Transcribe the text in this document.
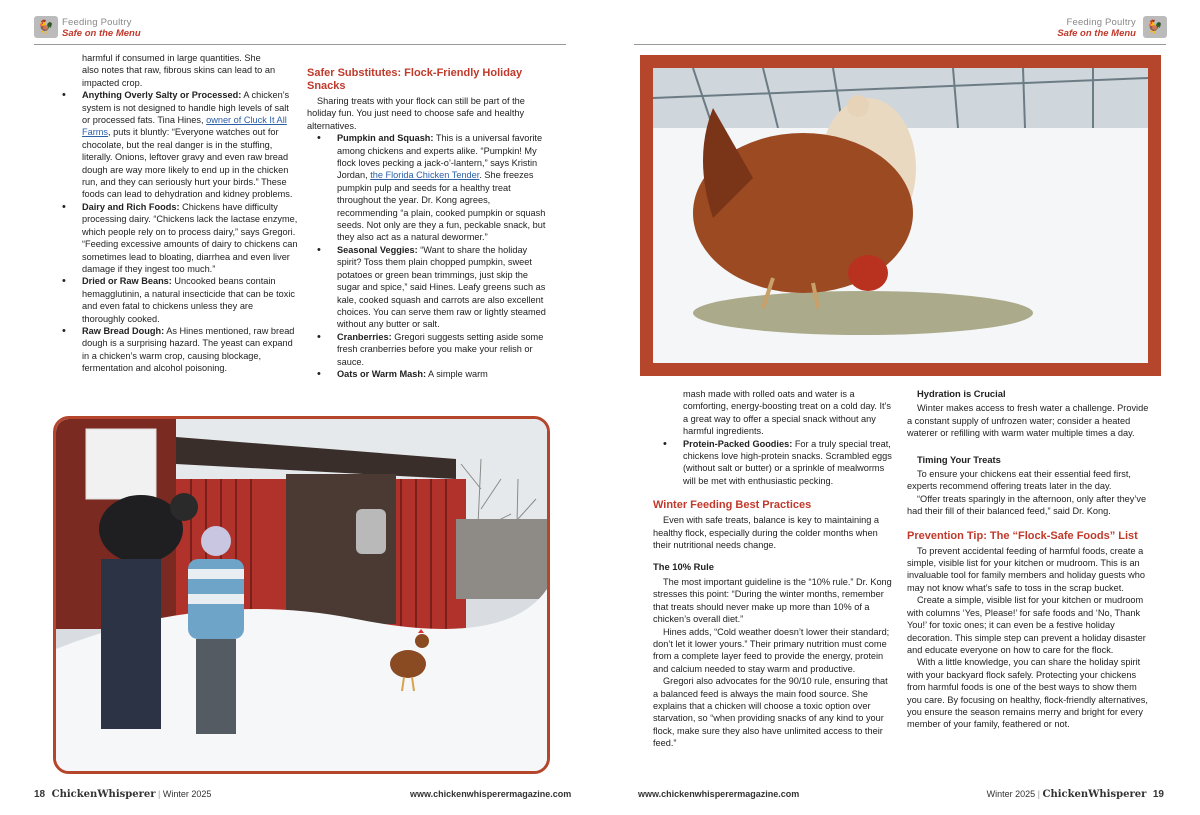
🐓 Feeding Poultry
Safe on the Menu
Feeding Poultry
Safe on the Menu 🐓
harmful if consumed in large quantities. She
also notes that raw, fibrous skins can lead to an
impacted crop.
• Anything Overly Salty or Processed: A chicken’s system is not designed to handle high levels of salt or processed fats. Tina Hines, owner of Cluck It All Farms, puts it bluntly: “Everyone watches out for chocolate, but the real danger is in the stuffing, literally. Onions, leftover gravy and even raw bread dough are way more likely to end up in the chicken run, and they can seriously hurt your birds.” These foods can lead to dehydration and kidney problems.
• Dairy and Rich Foods: Chickens have difficulty processing dairy. “Chickens lack the lactase enzyme, which people rely on to process dairy,” says Gregori. “Feeding excessive amounts of dairy to chickens can sometimes lead to bloating, diarrhea and even liver damage if they ingest too much.”
• Dried or Raw Beans: Uncooked beans contain hemagglutinin, a natural insecticide that can be toxic and even fatal to chickens unless they are thoroughly cooked.
• Raw Bread Dough: As Hines mentioned, raw bread dough is a surprising hazard. The yeast can expand in a chicken’s warm crop, causing blockage, fermentation and alcohol poisoning.
Safer Substitutes: Flock-Friendly Holiday Snacks

Sharing treats with your flock can still be part of the holiday fun. You just need to choose safe and healthy alternatives.

• Pumpkin and Squash: This is a universal favorite among chickens and experts alike. “Pumpkin! My flock loves pecking a jack-o’-lantern,” says Kristin Jordan, the Florida Chicken Tender. She freezes pumpkin pulp and seeds for a healthy treat throughout the year. Dr. Kong agrees, recommending “a plain, cooked pumpkin or squash seeds. Not only are they a fun, peckable snack, but they also act as a natural dewormer.”
• Seasonal Veggies: “Want to share the holiday spirit? Toss them plain chopped pumpkin, sweet potatoes or green bean trimmings, just skip the sugar and spice,” said Hines. Leafy greens such as kale, cooked squash and carrots are also excellent choices. You can serve them raw or lightly steamed without any butter or salt.
• Cranberries: Gregori suggests setting aside some fresh cranberries before you make your relish or sauce.
• Oats or Warm Mash: A simple warm
mash made with rolled oats and water is a comforting, energy-boosting treat on a cold day. It’s a great way to offer a special snack without any harmful ingredients.
• Protein-Packed Goodies: For a truly special treat, chickens love high-protein snacks. Scrambled eggs (without salt or butter) or a sprinkle of mealworms will be met with enthusiastic pecking.
Winter Feeding Best Practices

Even with safe treats, balance is key to maintaining a healthy flock, especially during the colder months when their nutritional needs change.

The 10% Rule

The most important guideline is the “10% rule.” Dr. Kong stresses this point: “During the winter months, remember that treats should never make up more than 10% of a chicken’s overall diet.”

Hines adds, “Cold weather doesn’t lower their standard; don’t let it lower yours.” Their primary nutrition must come from a complete layer feed to provide the energy, protein and calcium needed to stay warm and productive.

Gregori also advocates for the 90/10 rule, ensuring that a balanced feed is always the main food source. She explains that a chicken will choose a toxic option over starvation, so “when providing snacks of any kind to your flock, make sure they also have unlimited access to their feed.”

Hydration is Crucial

Winter makes access to fresh water a challenge. Provide a constant supply of unfrozen water; consider a heated waterer or refilling with warm water multiple times a day.

Timing Your Treats

To ensure your chickens eat their essential feed first, experts recommend offering treats later in the day.

“Offer treats sparingly in the afternoon, only after they’ve had their fill of their balanced feed,” said Dr. Kong.

Prevention Tip: The “Flock-Safe Foods” List

To prevent accidental feeding of harmful foods, create a simple, visible list for your kitchen or mudroom. This is an invaluable tool for family members and holiday guests who may not know what’s safe to toss in the scrap bucket.

Create a simple, visible list for your kitchen or mudroom with columns ‘Yes, Please!’ for safe foods and ‘No, Thank You!’ for toxic ones; it can even be a festive holiday decoration. This simple step can prevent a holiday disaster and educate everyone on how to care for the flock.

With a little knowledge, you can share the holiday spirit with your backyard flock safely. Protecting your chickens from harmful foods is one of the best ways to show them you care. By focusing on healthy, flock-friendly alternatives, you ensure the season remains merry and bright for every member of your family, feathered or not.

18 ChickenWhisperer | Winter 2025	www.chickenwhisperermagazine.com	www.chickenwhisperermagazine.com	Winter 2025 | ChickenWhisperer 19
